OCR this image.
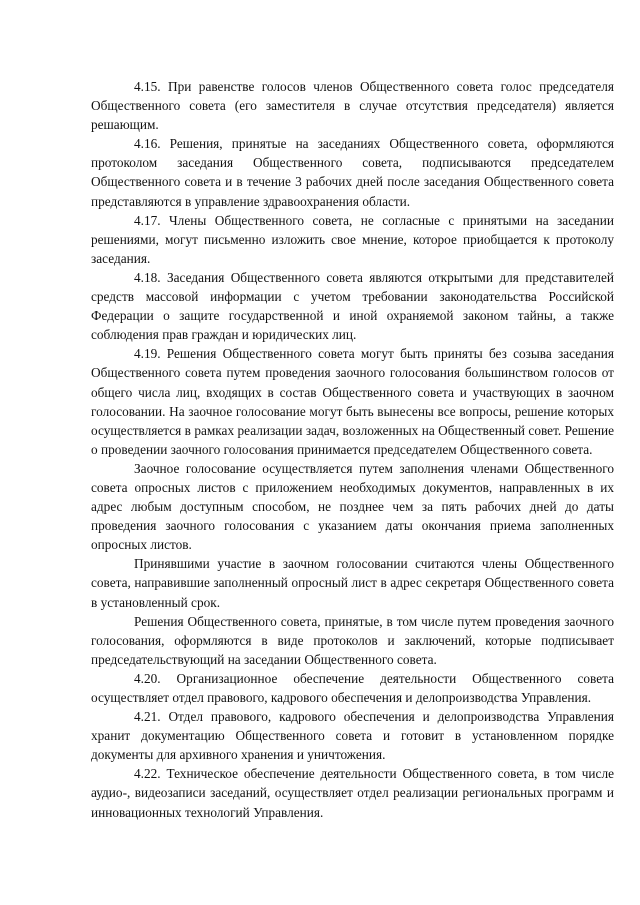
4.15. При равенстве голосов членов Общественного совета голос председателя Общественного совета (его заместителя в случае отсутствия председателя) является решающим.

4.16. Решения, принятые на заседаниях Общественного совета, оформляются протоколом заседания Общественного совета, подписываются председателем Общественного совета и в течение 3 рабочих дней после заседания Общественного совета представляются в управление здравоохранения области.

4.17. Члены Общественного совета, не согласные с принятыми на заседании решениями, могут письменно изложить свое мнение, которое приобщается к протоколу заседания.

4.18. Заседания Общественного совета являются открытыми для представителей средств массовой информации с учетом требовании законодательства Российской Федерации о защите государственной и иной охраняемой законом тайны, а также соблюдения прав граждан и юридических лиц.

4.19. Решения Общественного совета могут быть приняты без созыва заседания Общественного совета путем проведения заочного голосования большинством голосов от общего числа лиц, входящих в состав Общественного совета и участвующих в заочном голосовании. На заочное голосование могут быть вынесены все вопросы, решение которых осуществляется в рамках реализации задач, возложенных на Общественный совет. Решение о проведении заочного голосования принимается председателем Общественного совета.

Заочное голосование осуществляется путем заполнения членами Общественного совета опросных листов с приложением необходимых документов, направленных в их адрес любым доступным способом, не позднее чем за пять рабочих дней до даты проведения заочного голосования с указанием даты окончания приема заполненных опросных листов.

Принявшими участие в заочном голосовании считаются члены Общественного совета, направившие заполненный опросный лист в адрес секретаря Общественного совета в установленный срок.

Решения Общественного совета, принятые, в том числе путем проведения заочного голосования, оформляются в виде протоколов и заключений, которые подписывает председательствующий на заседании Общественного совета.

4.20. Организационное обеспечение деятельности Общественного совета осуществляет отдел правового, кадрового обеспечения и делопроизводства Управления.

4.21. Отдел правового, кадрового обеспечения и делопроизводства Управления хранит документацию Общественного совета и готовит в установленном порядке документы для архивного хранения и уничтожения.

4.22. Техническое обеспечение деятельности Общественного совета, в том числе аудио-, видеозаписи заседаний, осуществляет отдел реализации региональных программ и инновационных технологий Управления.
